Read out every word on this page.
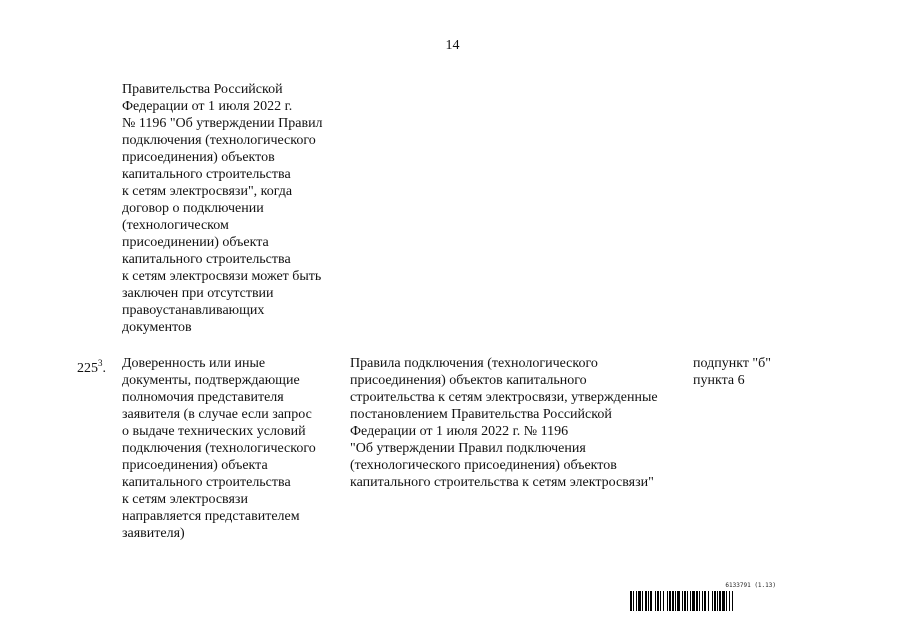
14
Правительства Российской
Федерации от 1 июля 2022 г.
№ 1196 "Об утверждении Правил
подключения (технологического
присоединения) объектов
капитального строительства
к сетям электросвязи", когда
договор о подключении
(технологическом
присоединении) объекта
капитального строительства
к сетям электросвязи может быть
заключен при отсутствии
правоустанавливающих
документов
$225^3$. Доверенность или иные
документы, подтверждающие
полномочия представителя
заявителя (в случае если запрос
о выдаче технических условий
подключения (технологического
присоединения) объекта
капитального строительства
к сетям электросвязи
направляется представителем
заявителя)
Правила подключения (технологического
присоединения) объектов капитального
строительства к сетям электросвязи, утвержденные
постановлением Правительства Российской
Федерации от 1 июля 2022 г. № 1196
"Об утверждении Правил подключения
(технологического присоединения) объектов
капитального строительства к сетям электросвязи"
подпункт "б"
пункта 6
6133791 (1.13)
